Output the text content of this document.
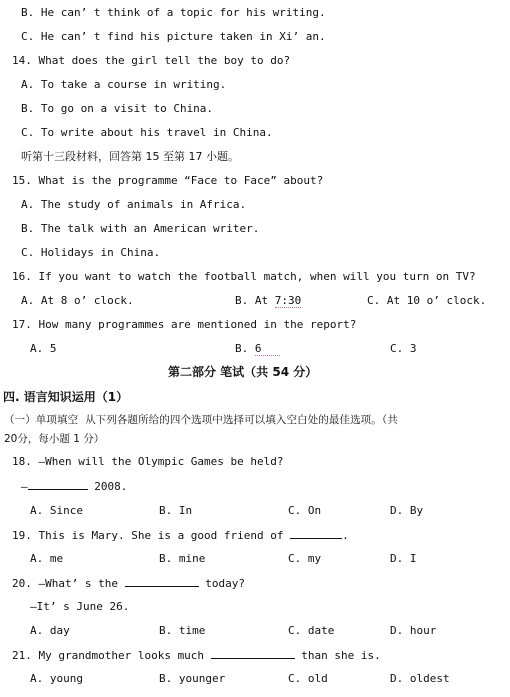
B. He can’ t think of a topic for his writing.
C. He can’ t find his picture taken in Xi’ an.
14. What does the girl tell the boy to do?
A. To take a course in writing.
B. To go on a visit to China.
C. To write about his travel in China.
听第十三段材料，回答第 15 至第 17 小题。
15. What is the programme “Face to Face” about?
A. The study of animals in Africa.
B. The talk with an American writer.
C. Holidays in China.
16. If you want to watch the football match, when will you turn on TV?
A. At 8 o’ clock.	B. At 7:30	C. At 10 o’ clock.
17. How many programmes are mentioned in the report?
A. 5	B. 6	C. 3
第二部分 笔试（共 54 分）
四. 语言知识运用（1）
（一）单项填空  从下列各题所给的四个选项中选择可以填入空白处的最佳选项。（共
20分，每小题 1 分）
18. —When will the Olympic Games be held?
—	2008.
A. Since	B. In	C. On	D. By
19. This is Mary. She is a good friend of	.
A. me	B. mine	C. my	D. I
20. —What’ s the	today?
—It’ s June 26.
A. day	B. time	C. date	D. hour
21. My grandmother looks much	than she is.
A. young	B. younger	C. old	D. oldest
